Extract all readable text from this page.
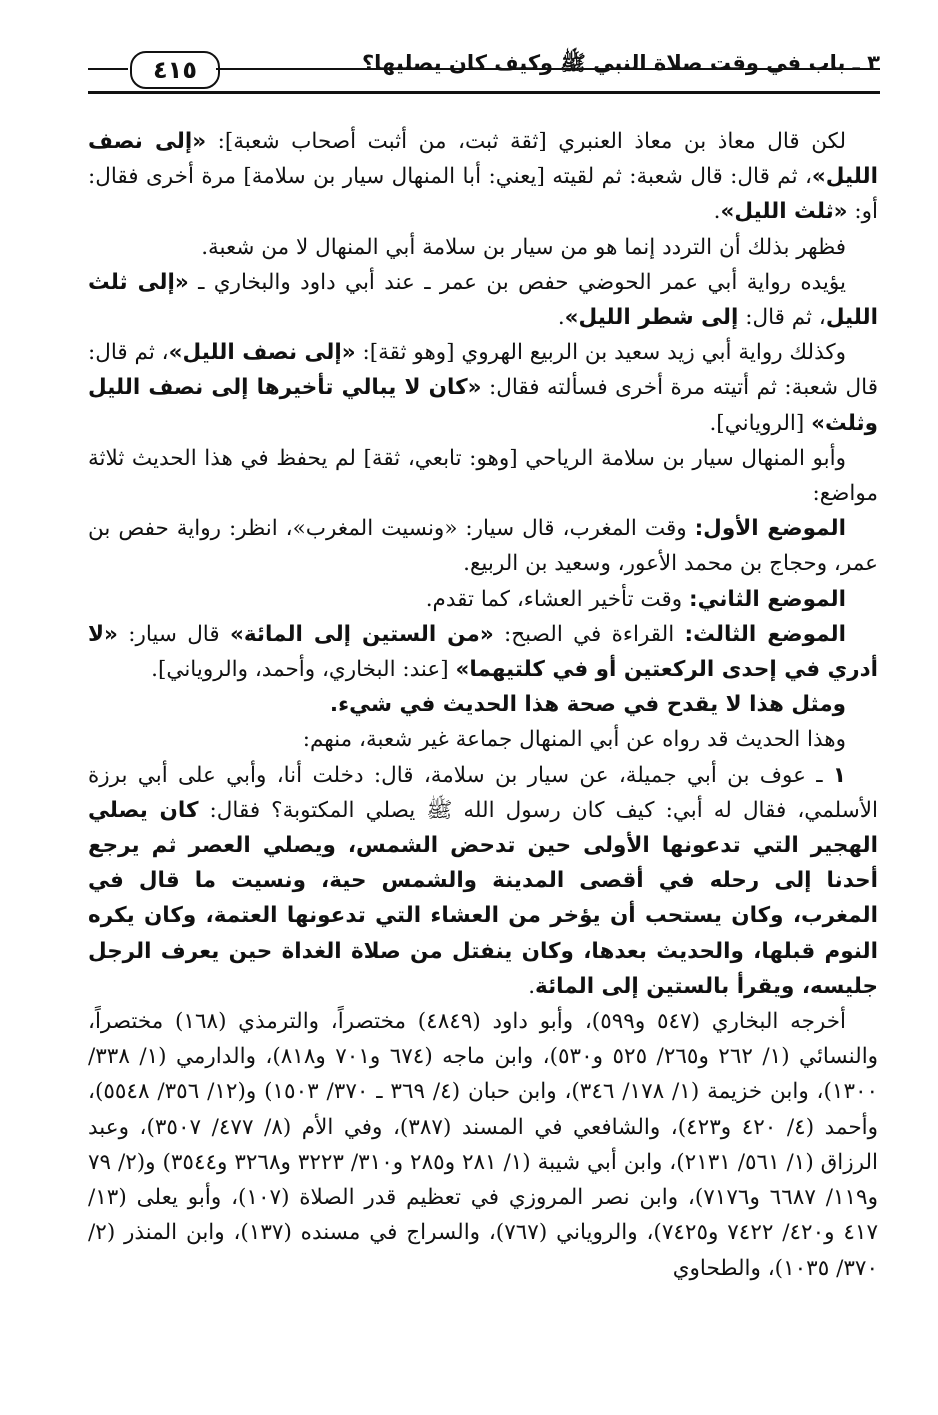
٤١٥	٣ ـ باب في وقت صلاة النبي ﷺ وكيف كان يصليها؟

لكن قال معاذ بن معاذ العنبري [ثقة ثبت، من أثبت أصحاب شعبة]: «إلى نصف الليل»، ثم قال: قال شعبة: ثم لقيته [يعني: أبا المنهال سيار بن سلامة] مرة أخرى فقال: أو: «ثلث الليل».

فظهر بذلك أن التردد إنما هو من سيار بن سلامة أبي المنهال لا من شعبة.

يؤيده رواية أبي عمر الحوضي حفص بن عمر ـ عند أبي داود والبخاري ـ «إلى ثلث الليل، ثم قال: إلى شطر الليل».

وكذلك رواية أبي زيد سعيد بن الربيع الهروي [وهو ثقة]: «إلى نصف الليل»، ثم قال: قال شعبة: ثم أتيته مرة أخرى فسألته فقال: «كان لا يبالي تأخيرها إلى نصف الليل وثلث» [الروياني].

وأبو المنهال سيار بن سلامة الرياحي [وهو: تابعي، ثقة] لم يحفظ في هذا الحديث ثلاثة مواضع:

الموضع الأول: وقت المغرب، قال سيار: «ونسيت المغرب»، انظر: رواية حفص بن عمر، وحجاج بن محمد الأعور، وسعيد بن الربيع.

الموضع الثاني: وقت تأخير العشاء، كما تقدم.

الموضع الثالث: القراءة في الصبح: «من الستين إلى المائة» قال سيار: «لا أدري في إحدى الركعتين أو في كلتيهما» [عند: البخاري، وأحمد، والروياني].

ومثل هذا لا يقدح في صحة هذا الحديث في شيء.

وهذا الحديث قد رواه عن أبي المنهال جماعة غير شعبة، منهم:

١ ـ عوف بن أبي جميلة، عن سيار بن سلامة، قال: دخلت أنا، وأبي على أبي برزة الأسلمي، فقال له أبي: كيف كان رسول الله ﷺ يصلي المكتوبة؟ فقال: كان يصلي الهجير التي تدعونها الأولى حين تدحض الشمس، ويصلي العصر ثم يرجع أحدنا إلى رحله في أقصى المدينة والشمس حية، ونسيت ما قال في المغرب، وكان يستحب أن يؤخر من العشاء التي تدعونها العتمة، وكان يكره النوم قبلها، والحديث بعدها، وكان ينفتل من صلاة الغداة حين يعرف الرجل جليسه، ويقرأ بالستين إلى المائة.

أخرجه البخاري (٥٤٧ و٥٩٩)، وأبو داود (٤٨٤٩) مختصراً، والترمذي (١٦٨) مختصراً، والنسائي (١/ ٢٦٢ و٢٦٥/ ٥٢٥ و٥٣٠)، وابن ماجه (٦٧٤ و٧٠١ و٨١٨)، والدارمي (١/ ٣٣٨/ ١٣٠٠)، وابن خزيمة (١/ ١٧٨/ ٣٤٦)، وابن حبان (٤/ ٣٦٩ ـ ٣٧٠/ ١٥٠٣) و(١٢/ ٣٥٦/ ٥٥٤٨)، وأحمد (٤/ ٤٢٠ و٤٢٣)، والشافعي في المسند (٣٨٧)، وفي الأم (٨/ ٤٧٧/ ٣٥٠٧)، وعبد الرزاق (١/ ٥٦١/ ٢١٣١)، وابن أبي شيبة (١/ ٢٨١ و٢٨٥ و٣١٠/ ٣٢٢٣ و٣٢٦٨ و٣٥٤٤) و(٢/ ٧٩ و١١٩/ ٦٦٨٧ و٧١٧٦)، وابن نصر المروزي في تعظيم قدر الصلاة (١٠٧)، وأبو يعلى (١٣/ ٤١٧ و٤٢٠/ ٧٤٢٢ و٧٤٢٥)، والروياني (٧٦٧)، والسراج في مسنده (١٣٧)، وابن المنذر (٢/ ٣٧٠/ ١٠٣٥)، والطحاوي
